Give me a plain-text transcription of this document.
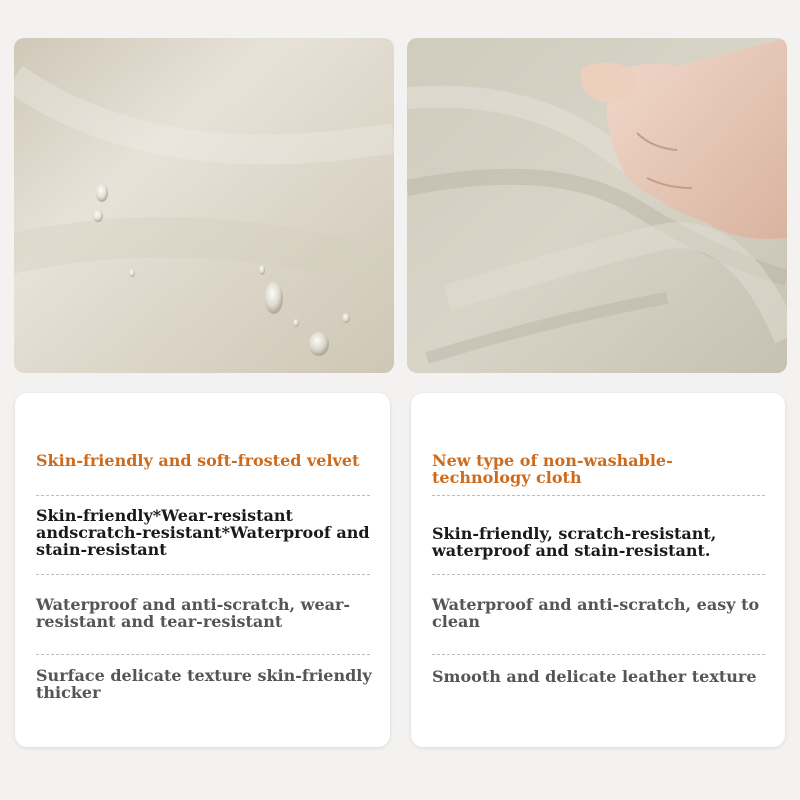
Skin-friendly and soft-frosted velvet

Skin-friendly*Wear-resistant andscratch-resistant*Waterproof and stain-resistant

Waterproof and anti-scratch, wear-resistant and tear-resistant

Surface delicate texture skin-friendly thicker

New type of non-washable-technology cloth

Skin-friendly, scratch-resistant, waterproof and stain-resistant.

Waterproof and anti-scratch, easy to clean

Smooth and delicate leather texture
